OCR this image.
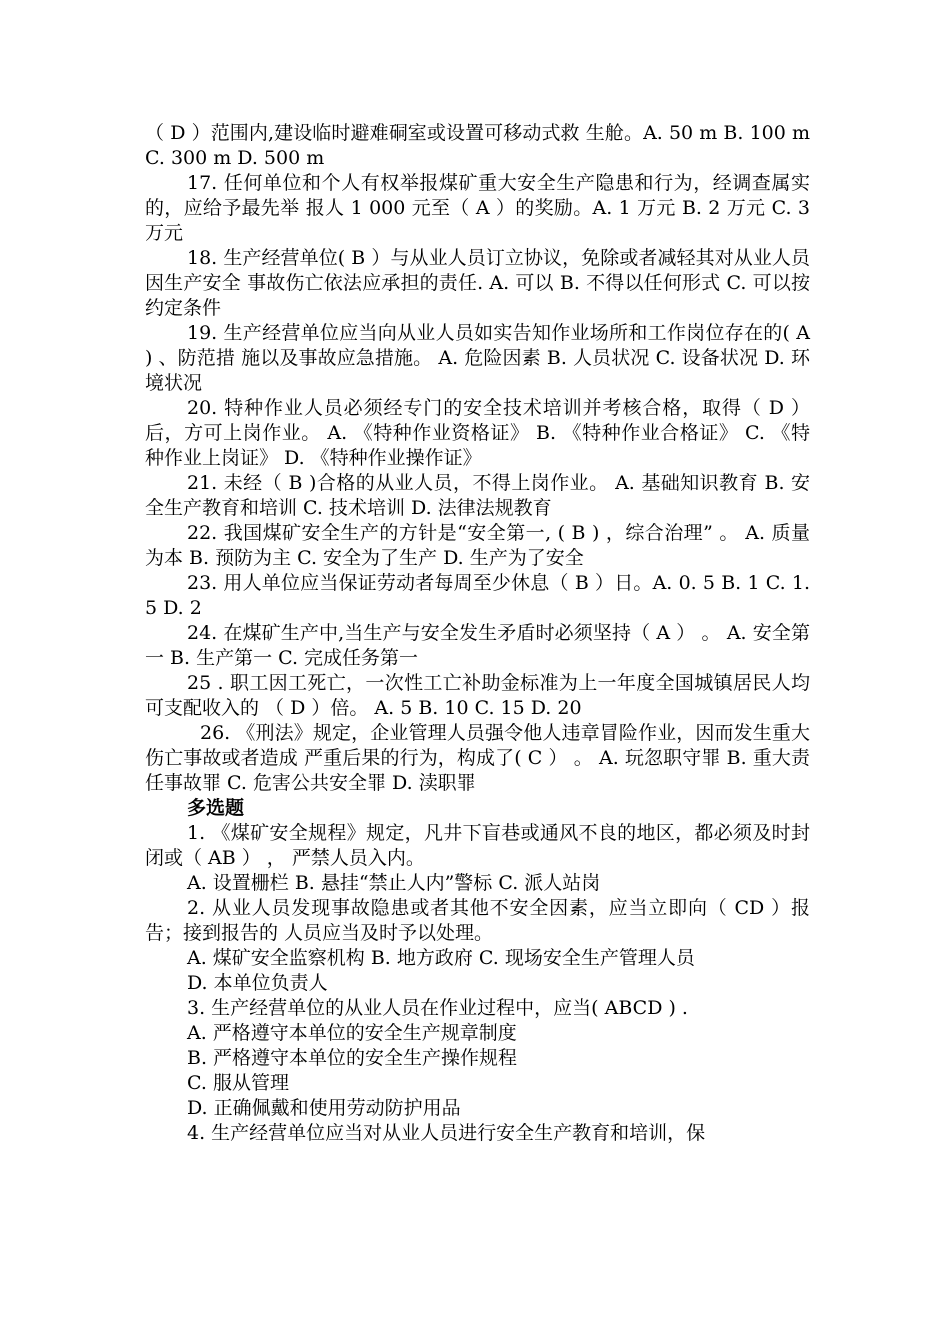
（ D ）范围内,建设临时避难硐室或设置可移动式救 生舱。A. 50 m B. 100 m C. 300 m D. 500 m

17. 任何单位和个人有权举报煤矿重大安全生产隐患和行为，经调查属实的，应给予最先举 报人 1 000 元至（ A ）的奖励。A. 1 万元 B. 2 万元 C. 3 万元

18. 生产经营单位( B ）与从业人员订立协议，免除或者减轻其对从业人员因生产安全 事故伤亡依法应承担的责任. A. 可以 B. 不得以任何形式 C. 可以按约定条件

19. 生产经营单位应当向从业人员如实告知作业场所和工作岗位存在的( A ) 、防范措 施以及事故应急措施。 A. 危险因素 B. 人员状况 C. 设备状况 D. 环境状况

20. 特种作业人员必须经专门的安全技术培训并考核合格，取得（ D ）后，方可上岗作业。 A. 《特种作业资格证》 B. 《特种作业合格证》 C. 《特种作业上岗证》 D. 《特种作业操作证》

21. 未经（ B )合格的从业人员，不得上岗作业。 A. 基础知识教育 B. 安全生产教育和培训 C. 技术培训 D. 法律法规教育

22. 我国煤矿安全生产的方针是“安全第一, ( B ) ，综合治理” 。 A. 质量为本 B. 预防为主 C. 安全为了生产 D. 生产为了安全

23. 用人单位应当保证劳动者每周至少休息（ B ）日。A. 0. 5 B. 1 C. 1. 5 D. 2

24. 在煤矿生产中,当生产与安全发生矛盾时必须坚持（ A ） 。 A. 安全第一 B. 生产第一 C. 完成任务第一

25 . 职工因工死亡，一次性工亡补助金标准为上一年度全国城镇居民人均可支配收入的 （ D ）倍。 A. 5 B. 10 C. 15 D. 20

26. 《刑法》规定，企业管理人员强令他人违章冒险作业，因而发生重大伤亡事故或者造成 严重后果的行为，构成了( C ） 。 A. 玩忽职守罪 B. 重大责任事故罪 C. 危害公共安全罪 D. 渎职罪

多选题

1. 《煤矿安全规程》规定，凡井下盲巷或通风不良的地区，都必须及时封闭或（ AB ） ， 严禁人员入内。

A. 设置栅栏 B. 悬挂“禁止人内”警标 C. 派人站岗

2. 从业人员发现事故隐患或者其他不安全因素，应当立即向（ CD ）报告；接到报告的 人员应当及时予以处理。

A. 煤矿安全监察机构 B. 地方政府 C. 现场安全生产管理人员

D. 本单位负责人

3. 生产经营单位的从业人员在作业过程中，应当( ABCD ) .

A. 严格遵守本单位的安全生产规章制度

B. 严格遵守本单位的安全生产操作规程

C. 服从管理

D. 正确佩戴和使用劳动防护用品

4. 生产经营单位应当对从业人员进行安全生产教育和培训，保
